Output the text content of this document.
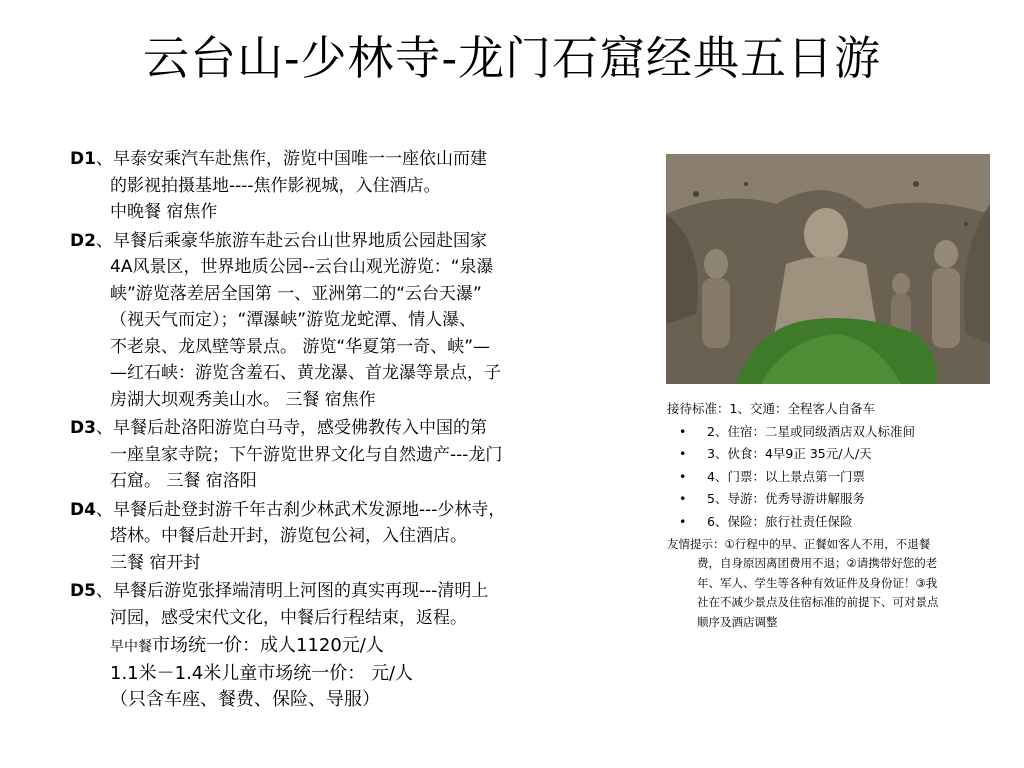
云台山-少林寺-龙门石窟经典五日游
D1、早泰安乘汽车赴焦作，游览中国唯一一座依山而建
的影视拍摄基地----焦作影视城，入住酒店。
中晚餐 宿焦作
D2、早餐后乘豪华旅游车赴云台山世界地质公园赴国家
4A风景区，世界地质公园--云台山观光游览：“泉瀑
峡”游览落差居全国第 一、亚洲第二的“云台天瀑”
（视天气而定）；“潭瀑峡”游览龙蛇潭、情人瀑、
不老泉、龙凤壁等景点。 游览“华夏第一奇、峡”—
—红石峡：游览含羞石、黄龙瀑、首龙瀑等景点，子
房湖大坝观秀美山水。 三餐 宿焦作
D3、早餐后赴洛阳游览白马寺，感受佛教传入中国的第
一座皇家寺院；下午游览世界文化与自然遗产---龙门
石窟。 三餐 宿洛阳
D4、早餐后赴登封游千年古刹少林武术发源地---少林寺，
塔林。中餐后赴开封，游览包公祠，入住酒店。
三餐 宿开封
D5、早餐后游览张择端清明上河图的真实再现---清明上
河园，感受宋代文化，中餐后行程结束，返程。
早中餐市场统一价：成人1120元/人
1.1米－1.4米儿童市场统一价： 元/人
（只含车座、餐费、保险、导服）
接待标准：1、交通：全程客人自备车
• 2、住宿：二星或同级酒店双人标准间
• 3、伙食：4早9正 35元/人/天
• 4、门票：以上景点第一门票
• 5、导游：优秀导游讲解服务
• 6、保险：旅行社责任保险
友情提示：①行程中的早、正餐如客人不用，不退餐
费，自身原因离团费用不退；②请携带好您的老
年、军人、学生等各种有效证件及身份证！③我
社在不减少景点及住宿标准的前提下、可对景点
顺序及酒店调整
